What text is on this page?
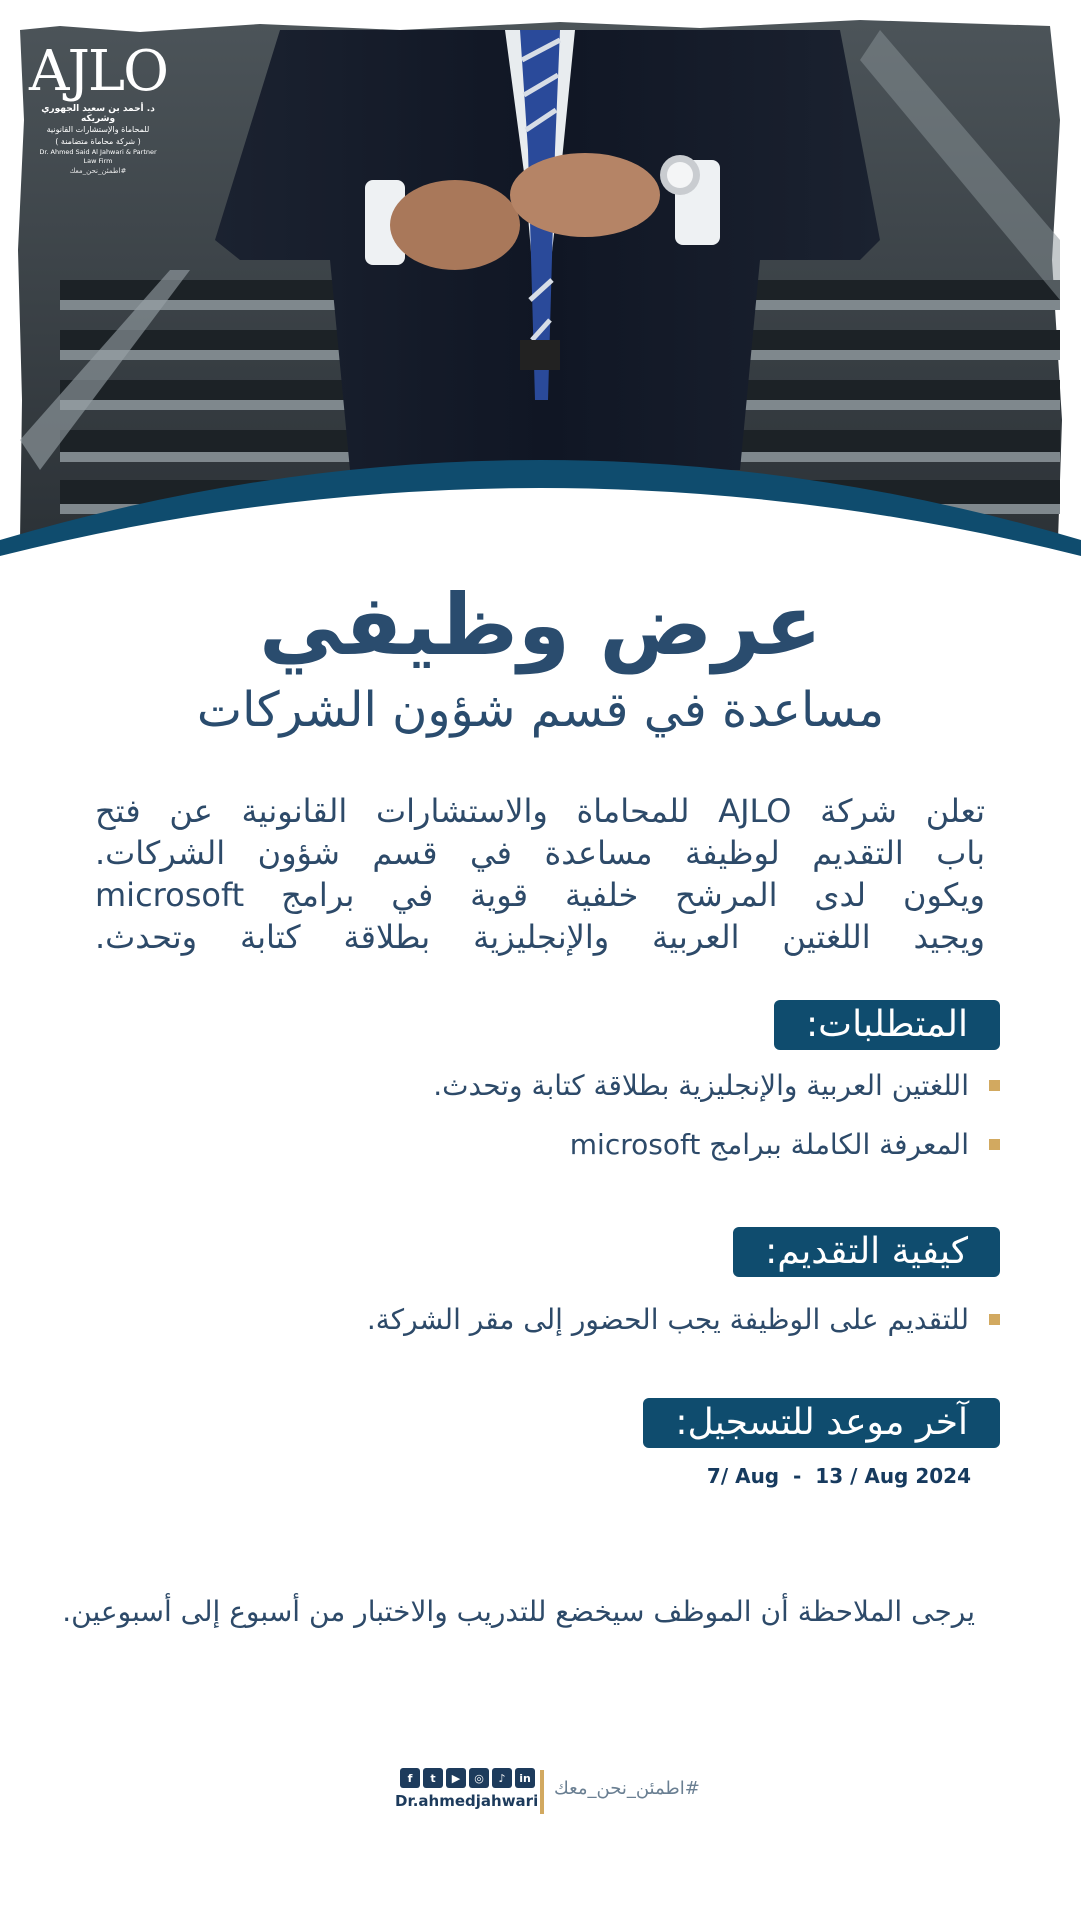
AJLO
د. أحمد بن سعيد الجهوري وشريكه
للمحاماة والإستشارات القانونية
( شركة محاماة متضامنة )
Dr. Ahmed Said Al Jahwari & Partner
Law Firm
#اطمئن_نحن_معك
عرض وظيفي
مساعدة في قسم شؤون الشركات
تعلن شركة AJLO للمحاماة والاستشارات القانونية عن فتح
باب التقديم لوظيفة مساعدة في قسم شؤون الشركات.
ويكون لدى المرشح خلفية قوية في برامج microsoft
ويجيد اللغتين العربية والإنجليزية بطلاقة كتابة وتحدث.
المتطلبات:
اللغتين العربية والإنجليزية بطلاقة كتابة وتحدث.
المعرفة الكاملة ببرامج microsoft
كيفية التقديم:
للتقديم على الوظيفة يجب الحضور إلى مقر الشركة.
آخر موعد للتسجيل:
7/ Aug  -  13 / Aug 2024
يرجى الملاحظة أن الموظف سيخضع للتدريب والاختبار من أسبوع إلى أسبوعين.
f	t	▶	◎	♪	in
Dr.ahmedjahwari
#اطمئن_نحن_معك
